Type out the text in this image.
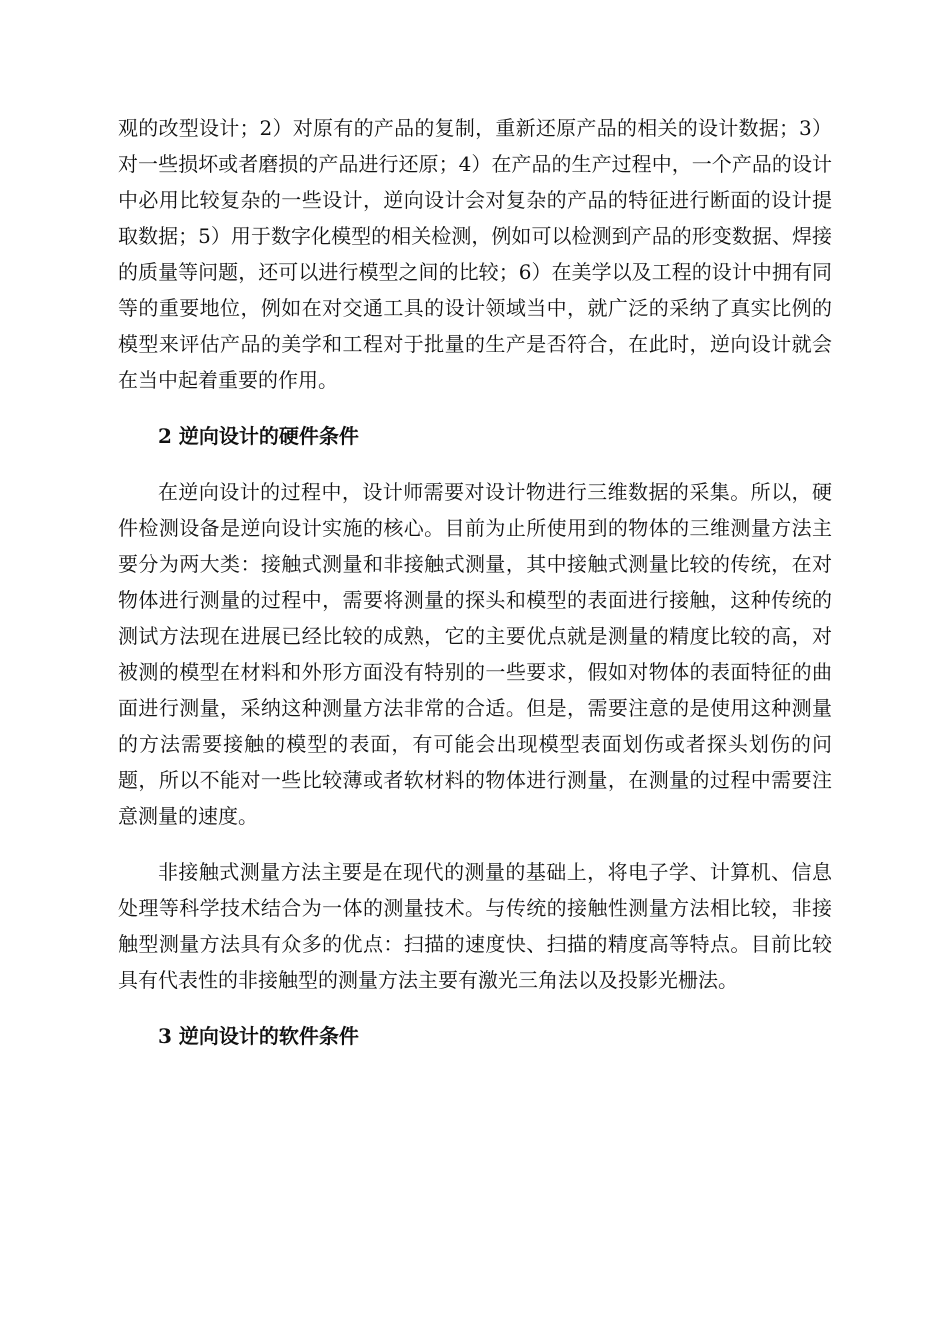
观的改型设计；2）对原有的产品的复制，重新还原产品的相关的设计数据；3）对一些损坏或者磨损的产品进行还原；4）在产品的生产过程中，一个产品的设计中必用比较复杂的一些设计，逆向设计会对复杂的产品的特征进行断面的设计提取数据；5）用于数字化模型的相关检测，例如可以检测到产品的形变数据、焊接的质量等问题，还可以进行模型之间的比较；6）在美学以及工程的设计中拥有同等的重要地位，例如在对交通工具的设计领域当中，就广泛的采纳了真实比例的模型来评估产品的美学和工程对于批量的生产是否符合，在此时，逆向设计就会在当中起着重要的作用。

2 逆向设计的硬件条件

在逆向设计的过程中，设计师需要对设计物进行三维数据的采集。所以，硬件检测设备是逆向设计实施的核心。目前为止所使用到的物体的三维测量方法主要分为两大类：接触式测量和非接触式测量，其中接触式测量比较的传统，在对物体进行测量的过程中，需要将测量的探头和模型的表面进行接触，这种传统的测试方法现在进展已经比较的成熟，它的主要优点就是测量的精度比较的高，对被测的模型在材料和外形方面没有特别的一些要求，假如对物体的表面特征的曲面进行测量，采纳这种测量方法非常的合适。但是，需要注意的是使用这种测量的方法需要接触的模型的表面，有可能会出现模型表面划伤或者探头划伤的问题，所以不能对一些比较薄或者软材料的物体进行测量，在测量的过程中需要注意测量的速度。

非接触式测量方法主要是在现代的测量的基础上，将电子学、计算机、信息处理等科学技术结合为一体的测量技术。与传统的接触性测量方法相比较，非接触型测量方法具有众多的优点：扫描的速度快、扫描的精度高等特点。目前比较具有代表性的非接触型的测量方法主要有激光三角法以及投影光栅法。

3 逆向设计的软件条件
